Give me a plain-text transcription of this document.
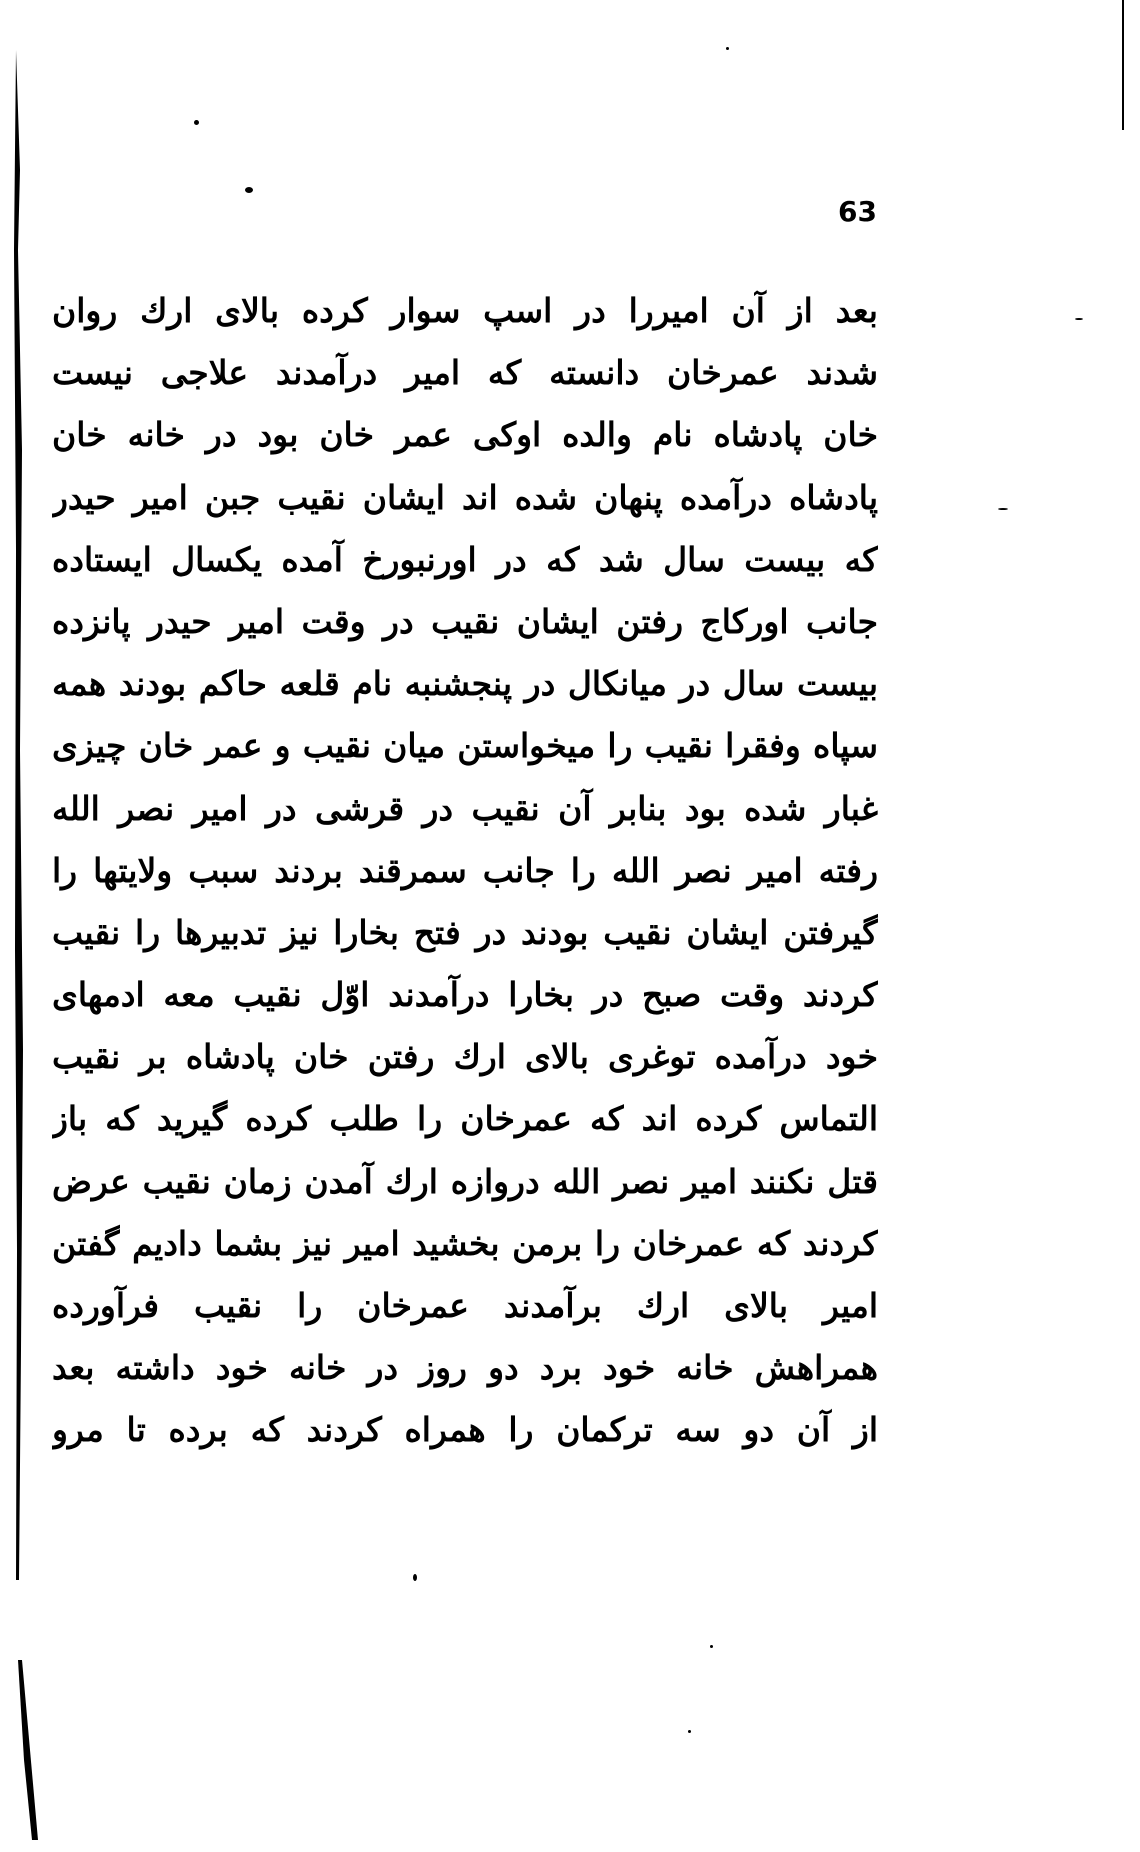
63
بعد از آن امیررا در اسپ سوار کرده بالای ارك روان
شدند عمرخان دانسته که امیر درآمدند علاجی نیست
خان پادشاه نام والده اوکی عمر خان بود در خانه خان
پادشاه درآمده پنهان شده اند ایشان نقیب جبن امیر حیدر
که بیست سال شد که در اورنبورخ آمده یکسال ایستاده
جانب اورکاج رفتن ایشان نقیب در وقت امیر حیدر پانزده
بیست سال در میانکال در پنجشنبه نام قلعه حاکم بودند همه
سپاه وفقرا نقیب را میخواستن میان نقیب و عمر خان چیزی
غبار شده بود بنابر آن نقیب در قرشی در امیر نصر الله
رفته امیر نصر الله را جانب سمرقند بردند سبب ولایتها را
گیرفتن ایشان نقیب بودند در فتح بخارا نیز تدبیرها را نقیب
کردند وقت صبح در بخارا درآمدند اوّل نقیب معه ادمهای
خود درآمده توغری بالای ارك رفتن خان پادشاه بر نقیب
التماس کرده اند که عمرخان را طلب کرده گیرید که باز
قتل نکنند امیر نصر الله دروازه ارك آمدن زمان نقیب عرض
کردند که عمرخان را برمن بخشید امیر نیز بشما دادیم گفتن
امیر بالای ارك برآمدند عمرخان را نقیب فرآورده
همراهش خانه خود برد دو روز در خانه خود داشته بعد
از آن دو سه ترکمان را همراه کردند که برده تا مرو
